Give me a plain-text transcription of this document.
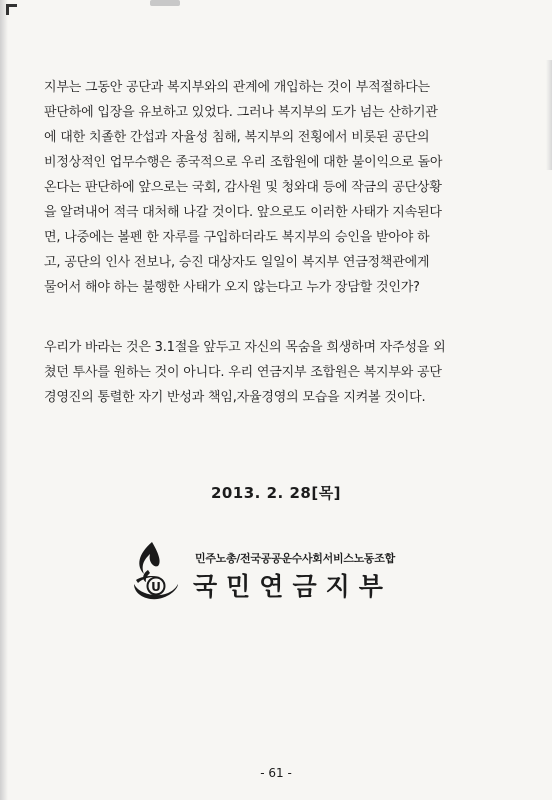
지부는 그동안 공단과 복지부와의 관계에 개입하는 것이 부적절하다는
판단하에 입장을 유보하고 있었다. 그러나 복지부의 도가 넘는 산하기관
에 대한 치졸한 간섭과 자율성 침해, 복지부의 전횡에서 비롯된 공단의
비정상적인 업무수행은 종국적으로 우리 조합원에 대한 불이익으로 돌아
온다는 판단하에 앞으로는 국회, 감사원 및 청와대 등에 작금의 공단상황
을 알려내어 적극 대처해 나갈 것이다. 앞으로도 이러한 사태가 지속된다
면, 나중에는 볼펜 한 자루를 구입하더라도 복지부의 승인을 받아야 하
고, 공단의 인사 전보나, 승진 대상자도 일일이 복지부 연금정책관에게
물어서 해야 하는 불행한 사태가 오지 않는다고 누가 장담할 것인가?
우리가 바라는 것은 3.1절을 앞두고 자신의 목숨을 희생하며 자주성을 외
쳤던 투사를 원하는 것이 아니다. 우리 연금지부 조합원은 복지부와 공단
경영진의 통렬한 자기 반성과 책임,자율경영의 모습을 지켜볼 것이다.
2013. 2. 28[목]
U
민주노총/전국공공운수사회서비스노동조합
국민연금지부
- 61 -
